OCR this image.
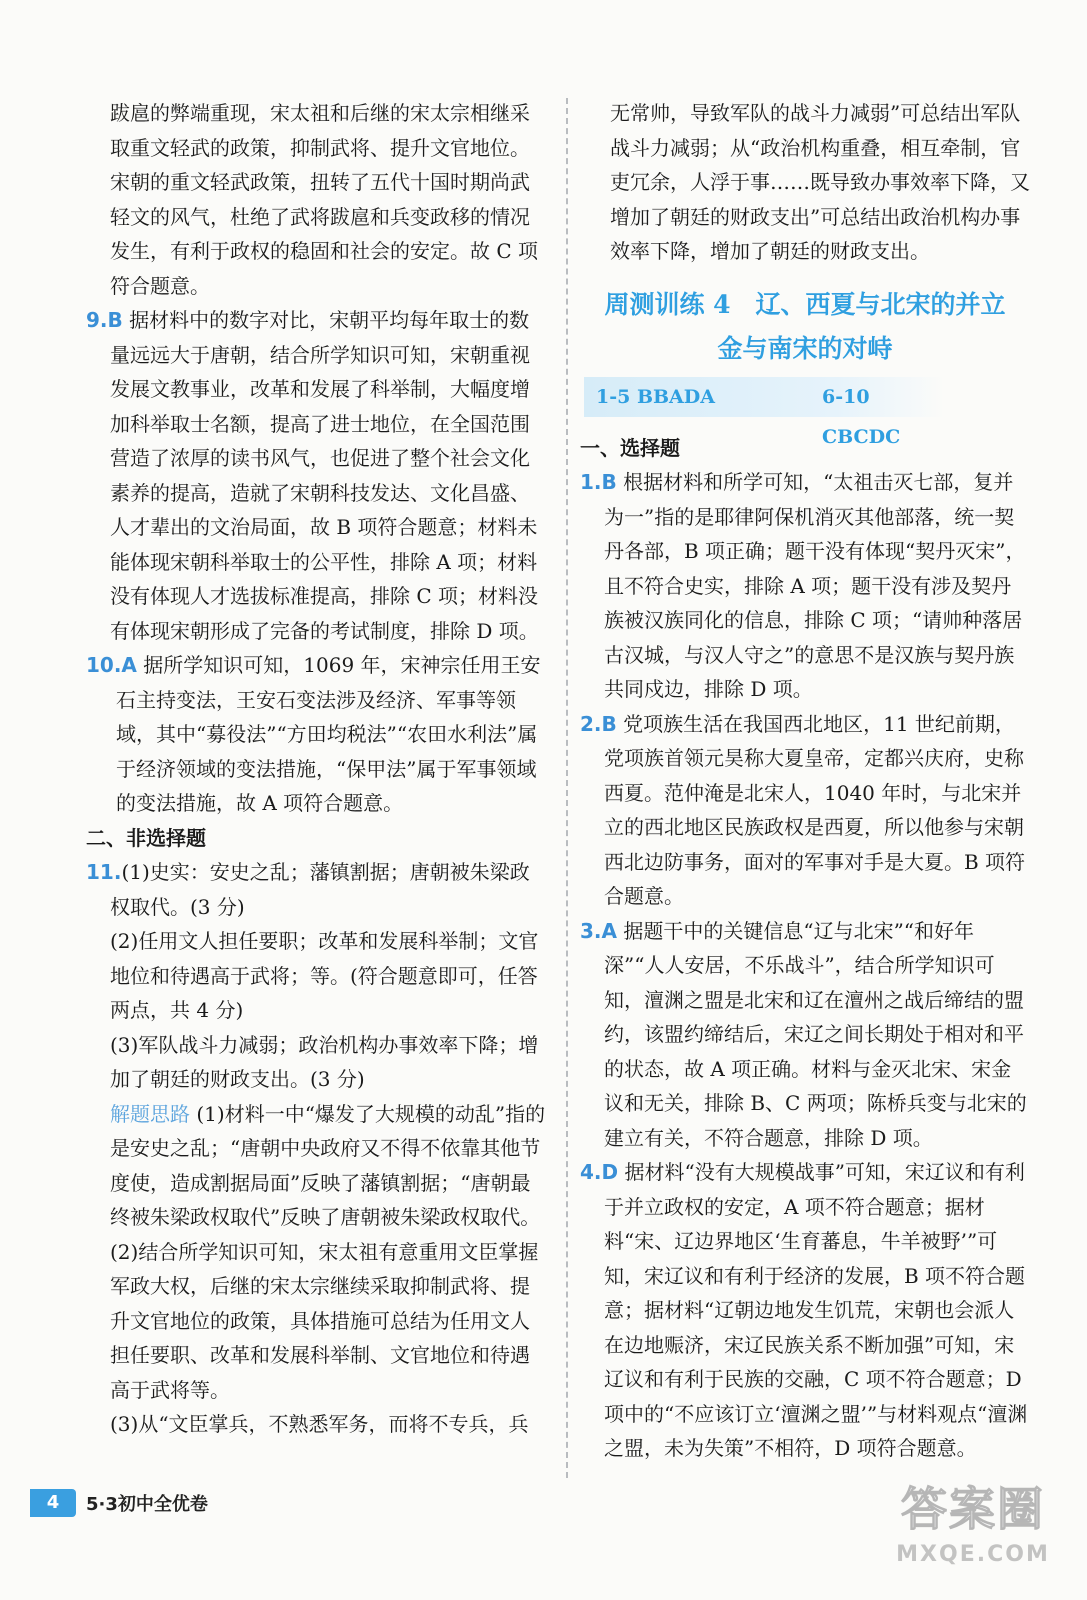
跋扈的弊端重现，宋太祖和后继的宋太宗相继采取重文轻武的政策，抑制武将、提升文官地位。宋朝的重文轻武政策，扭转了五代十国时期尚武轻文的风气，杜绝了武将跋扈和兵变政移的情况发生，有利于政权的稳固和社会的安定。故 C 项符合题意。

9.B 据材料中的数字对比，宋朝平均每年取士的数量远远大于唐朝，结合所学知识可知，宋朝重视发展文教事业，改革和发展了科举制，大幅度增加科举取士名额，提高了进士地位，在全国范围营造了浓厚的读书风气，也促进了整个社会文化素养的提高，造就了宋朝科技发达、文化昌盛、人才辈出的文治局面，故 B 项符合题意；材料未能体现宋朝科举取士的公平性，排除 A 项；材料没有体现人才选拔标准提高，排除 C 项；材料没有体现宋朝形成了完备的考试制度，排除 D 项。

10.A 据所学知识可知，1069 年，宋神宗任用王安石主持变法，王安石变法涉及经济、军事等领域，其中“募役法”“方田均税法”“农田水利法”属于经济领域的变法措施，“保甲法”属于军事领域的变法措施，故 A 项符合题意。

二、非选择题

11.(1)史实：安史之乱；藩镇割据；唐朝被朱梁政权取代。(3 分)

(2)任用文人担任要职；改革和发展科举制；文官地位和待遇高于武将；等。(符合题意即可，任答两点，共 4 分)

(3)军队战斗力减弱；政治机构办事效率下降；增加了朝廷的财政支出。(3 分)

解题思路 (1)材料一中“爆发了大规模的动乱”指的是安史之乱；“唐朝中央政府又不得不依靠其他节度使，造成割据局面”反映了藩镇割据；“唐朝最终被朱梁政权取代”反映了唐朝被朱梁政权取代。

(2)结合所学知识可知，宋太祖有意重用文臣掌握军政大权，后继的宋太宗继续采取抑制武将、提升文官地位的政策，具体措施可总结为任用文人担任要职、改革和发展科举制、文官地位和待遇高于武将等。

(3)从“文臣掌兵，不熟悉军务，而将不专兵，兵

无常帅，导致军队的战斗力减弱”可总结出军队战斗力减弱；从“政治机构重叠，相互牵制，官吏冗余，人浮于事……既导致办事效率下降，又增加了朝廷的财政支出”可总结出政治机构办事效率下降，增加了朝廷的财政支出。

周测训练 4　辽、西夏与北宋的并立
金与南宋的对峙
1-5 BBADA	6-10 CBCDC

一、选择题

1.B 根据材料和所学可知，“太祖击灭七部，复并为一”指的是耶律阿保机消灭其他部落，统一契丹各部，B 项正确；题干没有体现“契丹灭宋”，且不符合史实，排除 A 项；题干没有涉及契丹族被汉族同化的信息，排除 C 项；“请帅种落居古汉城，与汉人守之”的意思不是汉族与契丹族共同戍边，排除 D 项。

2.B 党项族生活在我国西北地区，11 世纪前期，党项族首领元昊称大夏皇帝，定都兴庆府，史称西夏。范仲淹是北宋人，1040 年时，与北宋并立的西北地区民族政权是西夏，所以他参与宋朝西北边防事务，面对的军事对手是大夏。B 项符合题意。

3.A 据题干中的关键信息“辽与北宋”“和好年深”“人人安居，不乐战斗”，结合所学知识可知，澶渊之盟是北宋和辽在澶州之战后缔结的盟约，该盟约缔结后，宋辽之间长期处于相对和平的状态，故 A 项正确。材料与金灭北宋、宋金议和无关，排除 B、C 两项；陈桥兵变与北宋的建立有关，不符合题意，排除 D 项。

4.D 据材料“没有大规模战事”可知，宋辽议和有利于并立政权的安定，A 项不符合题意；据材料“宋、辽边界地区‘生育蕃息，牛羊被野’”可知，宋辽议和有利于经济的发展，B 项不符合题意；据材料“辽朝边地发生饥荒，宋朝也会派人在边地赈济，宋辽民族关系不断加强”可知，宋辽议和有利于民族的交融，C 项不符合题意；D 项中的“不应该订立‘澶渊之盟’”与材料观点“澶渊之盟，未为失策”不相符，D 项符合题意。

4	5·3初中全优卷	答案圈
MXQE.COM
